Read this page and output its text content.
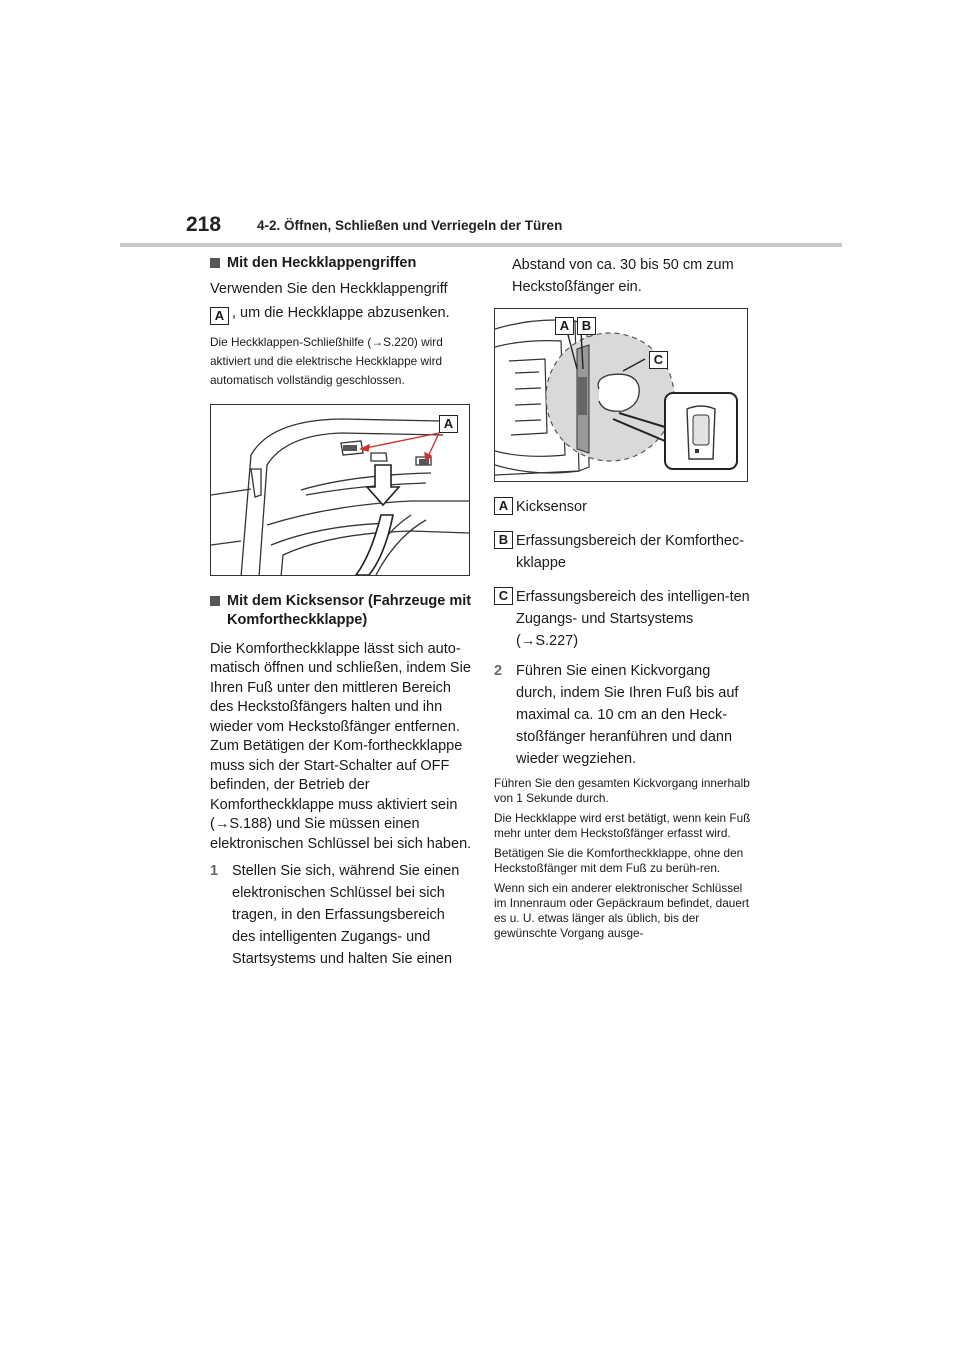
218	4-2. Öffnen, Schließen und Verriegeln der Türen
Mit den Heckklappengriffen

Verwenden Sie den Heckklappengriff
A , um die Heckklappe abzusenken.

Die Heckklappen-Schließhilfe (→S.220) wird aktiviert und die elektrische Heckklappe wird automatisch vollständig geschlossen.

A
Mit dem Kicksensor (Fahrzeuge mit Komfortheckklappe)

Die Komfortheckklappe lässt sich auto-matisch öffnen und schließen, indem Sie Ihren Fuß unter den mittleren Bereich des Heckstoßfängers halten und ihn wieder vom Heckstoßfänger entfernen. Zum Betätigen der Kom-fortheckklappe muss sich der Start-Schalter auf OFF befinden, der Betrieb der Komfortheckklappe muss aktiviert sein (→S.188) und Sie müssen einen elektronischen Schlüssel bei sich haben.

1 Stellen Sie sich, während Sie einen elektronischen Schlüssel bei sich tragen, in den Erfassungsbereich des intelligenten Zugangs- und Startsystems und halten Sie einen

Abstand von ca. 30 bis 50 cm zum Heckstoßfänger ein.

A B
C
A Kicksensor
B Erfassungsbereich der Komforthec-kklappe
C Erfassungsbereich des intelligen-ten Zugangs- und Startsystems (→S.227)
2 Führen Sie einen Kickvorgang durch, indem Sie Ihren Fuß bis auf maximal ca. 10 cm an den Heck-stoßfänger heranführen und dann wieder wegziehen.

Führen Sie den gesamten Kickvorgang innerhalb von 1 Sekunde durch.

Die Heckklappe wird erst betätigt, wenn kein Fuß mehr unter dem Heckstoßfänger erfasst wird.

Betätigen Sie die Komfortheckklappe, ohne den Heckstoßfänger mit dem Fuß zu berüh-ren.

Wenn sich ein anderer elektronischer Schlüssel im Innenraum oder Gepäckraum befindet, dauert es u. U. etwas länger als üblich, bis der gewünschte Vorgang ausge-
